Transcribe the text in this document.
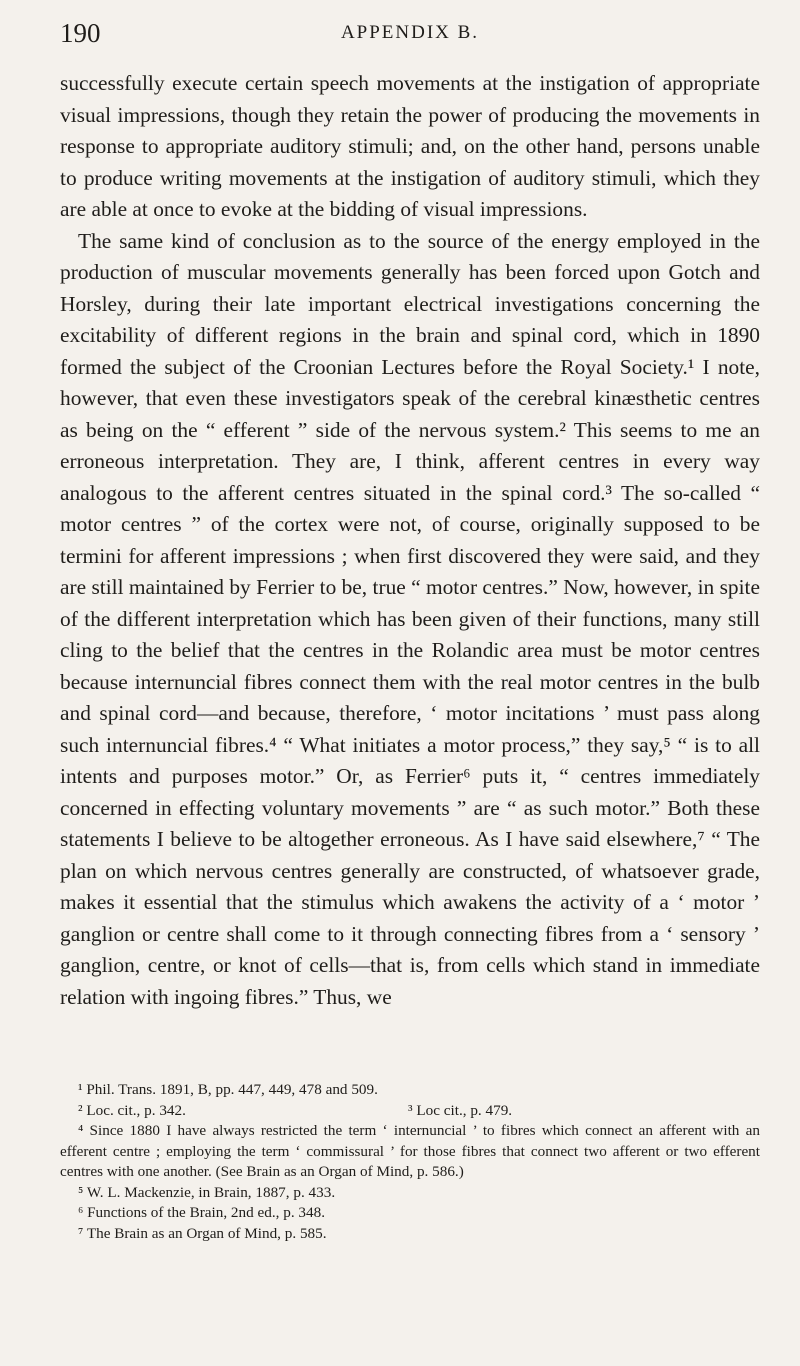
190	APPENDIX B.

successfully execute certain speech movements at the instigation of appropriate visual impressions, though they retain the power of producing the movements in response to appropriate auditory stimuli; and, on the other hand, persons unable to produce writing movements at the instigation of auditory stimuli, which they are able at once to evoke at the bidding of visual impressions.

The same kind of conclusion as to the source of the energy employed in the production of muscular movements generally has been forced upon Gotch and Horsley, during their late important electrical investigations concerning the excitability of different regions in the brain and spinal cord, which in 1890 formed the subject of the Croonian Lectures before the Royal Society.¹ I note, however, that even these investigators speak of the cerebral kinæsthetic centres as being on the “ efferent ” side of the nervous system.² This seems to me an erroneous interpretation. They are, I think, afferent centres in every way analogous to the afferent centres situated in the spinal cord.³ The so-called “ motor centres ” of the cortex were not, of course, originally supposed to be termini for afferent impressions ; when first discovered they were said, and they are still maintained by Ferrier to be, true “ motor centres.” Now, however, in spite of the different interpretation which has been given of their functions, many still cling to the belief that the centres in the Rolandic area must be motor centres because internuncial fibres connect them with the real motor centres in the bulb and spinal cord—and because, therefore, ‘ motor incitations ’ must pass along such internuncial fibres.⁴ “ What initiates a motor process,” they say,⁵ “ is to all intents and purposes motor.” Or, as Ferrier⁶ puts it, “ centres immediately concerned in effecting voluntary movements ” are “ as such motor.” Both these statements I believe to be altogether erroneous. As I have said elsewhere,⁷ “ The plan on which nervous centres generally are constructed, of whatsoever grade, makes it essential that the stimulus which awakens the activity of a ‘ motor ’ ganglion or centre shall come to it through connecting fibres from a ‘ sensory ’ ganglion, centre, or knot of cells—that is, from cells which stand in immediate relation with ingoing fibres.” Thus, we

¹ Phil. Trans. 1891, B, pp. 447, 449, 478 and 509.

² Loc. cit., p. 342.	³ Loc cit., p. 479.

⁴ Since 1880 I have always restricted the term ‘ internuncial ’ to fibres which connect an afferent with an efferent centre ; employing the term ‘ commissural ’ for those fibres that connect two afferent or two efferent centres with one another. (See Brain as an Organ of Mind, p. 586.)

⁵ W. L. Mackenzie, in Brain, 1887, p. 433.

⁶ Functions of the Brain, 2nd ed., p. 348.

⁷ The Brain as an Organ of Mind, p. 585.
